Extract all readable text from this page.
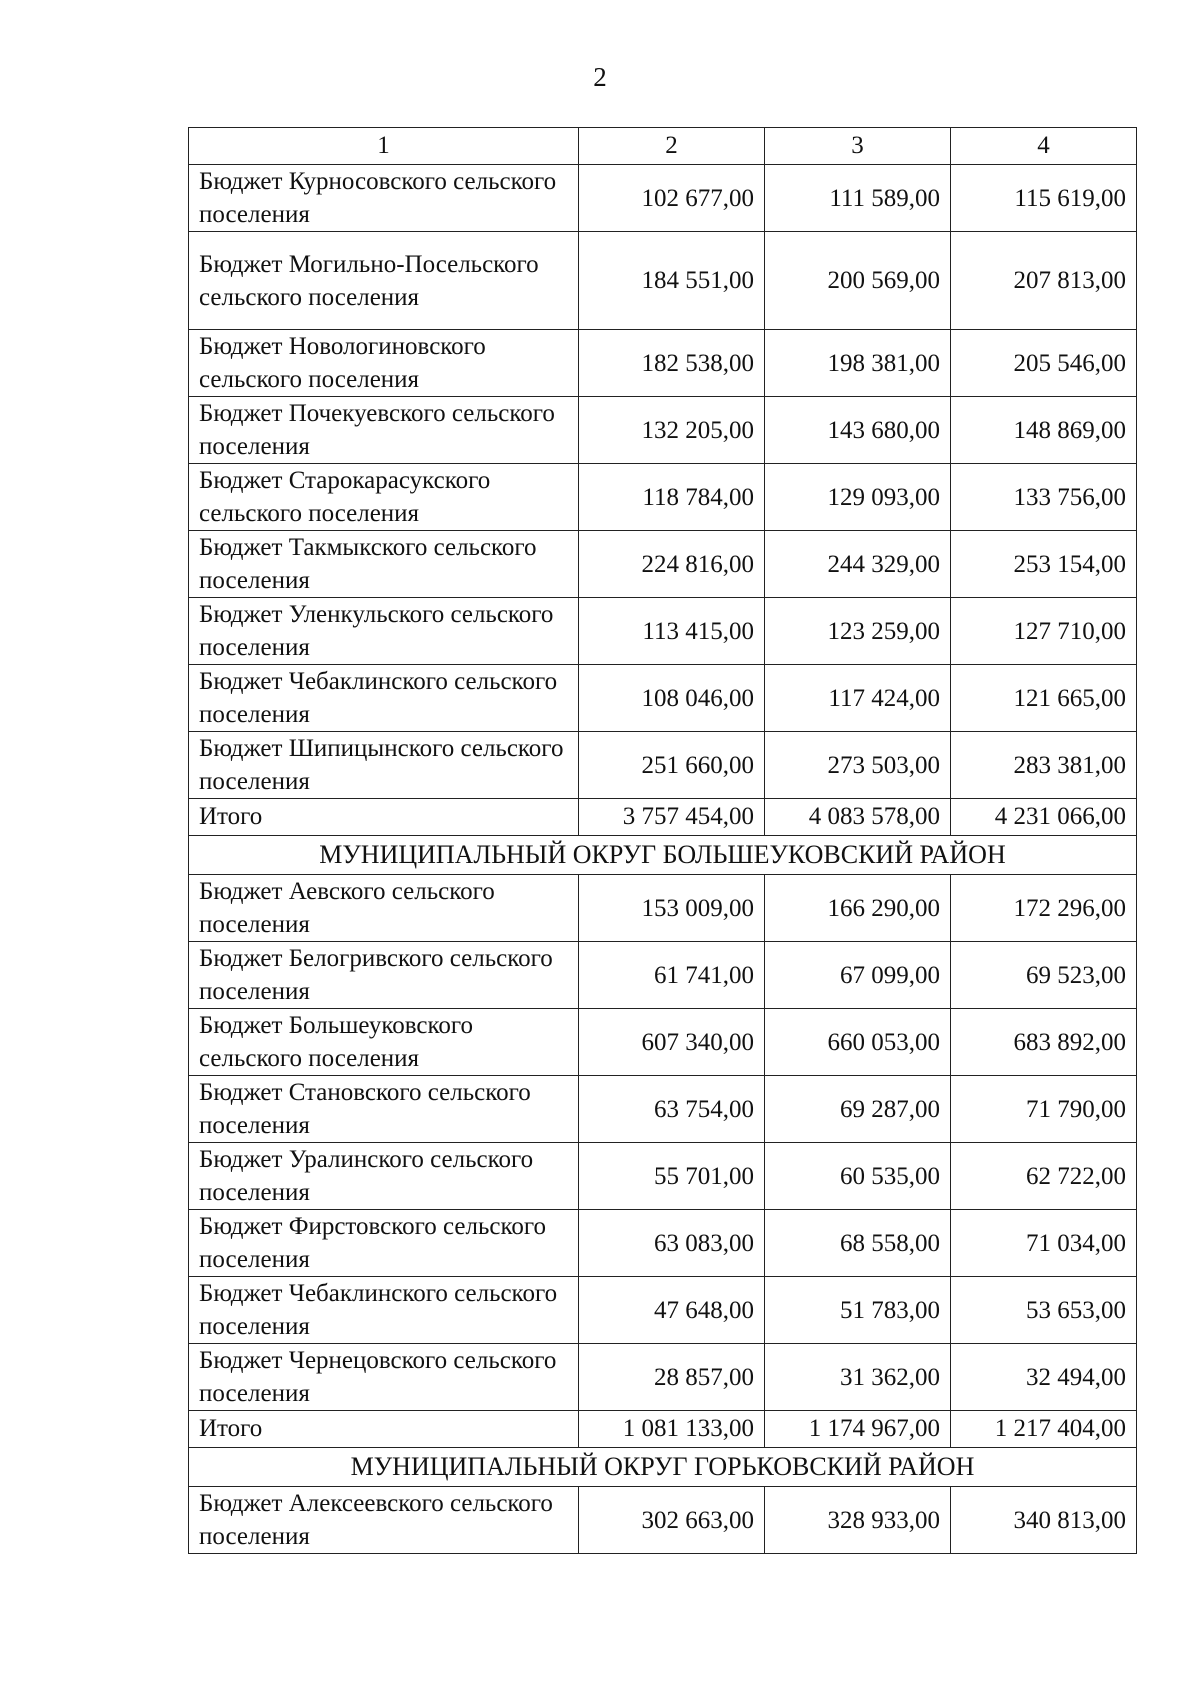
2
1	2	3	4
Бюджет Курносовского сельского поселения	102 677,00	111 589,00	115 619,00
Бюджет Могильно-Посельского сельского поселения	184 551,00	200 569,00	207 813,00
Бюджет Новологиновского сельского поселения	182 538,00	198 381,00	205 546,00
Бюджет Почекуевского сельского поселения	132 205,00	143 680,00	148 869,00
Бюджет Старокарасукского сельского поселения	118 784,00	129 093,00	133 756,00
Бюджет Такмыкского сельского поселения	224 816,00	244 329,00	253 154,00
Бюджет Уленкульского сельского поселения	113 415,00	123 259,00	127 710,00
Бюджет Чебаклинского сельского поселения	108 046,00	117 424,00	121 665,00
Бюджет Шипицынского сельского поселения	251 660,00	273 503,00	283 381,00
Итого	3 757 454,00	4 083 578,00	4 231 066,00
МУНИЦИПАЛЬНЫЙ ОКРУГ БОЛЬШЕУКОВСКИЙ РАЙОН			
Бюджет Аевского сельского поселения	153 009,00	166 290,00	172 296,00
Бюджет Белогривского сельского поселения	61 741,00	67 099,00	69 523,00
Бюджет Большеуковского сельского поселения	607 340,00	660 053,00	683 892,00
Бюджет Становского сельского поселения	63 754,00	69 287,00	71 790,00
Бюджет Уралинского сельского поселения	55 701,00	60 535,00	62 722,00
Бюджет Фирстовского сельского поселения	63 083,00	68 558,00	71 034,00
Бюджет Чебаклинского сельского поселения	47 648,00	51 783,00	53 653,00
Бюджет Чернецовского сельского поселения	28 857,00	31 362,00	32 494,00
Итого	1 081 133,00	1 174 967,00	1 217 404,00
МУНИЦИПАЛЬНЫЙ ОКРУГ ГОРЬКОВСКИЙ РАЙОН			
Бюджет Алексеевского сельского поселения	302 663,00	328 933,00	340 813,00
